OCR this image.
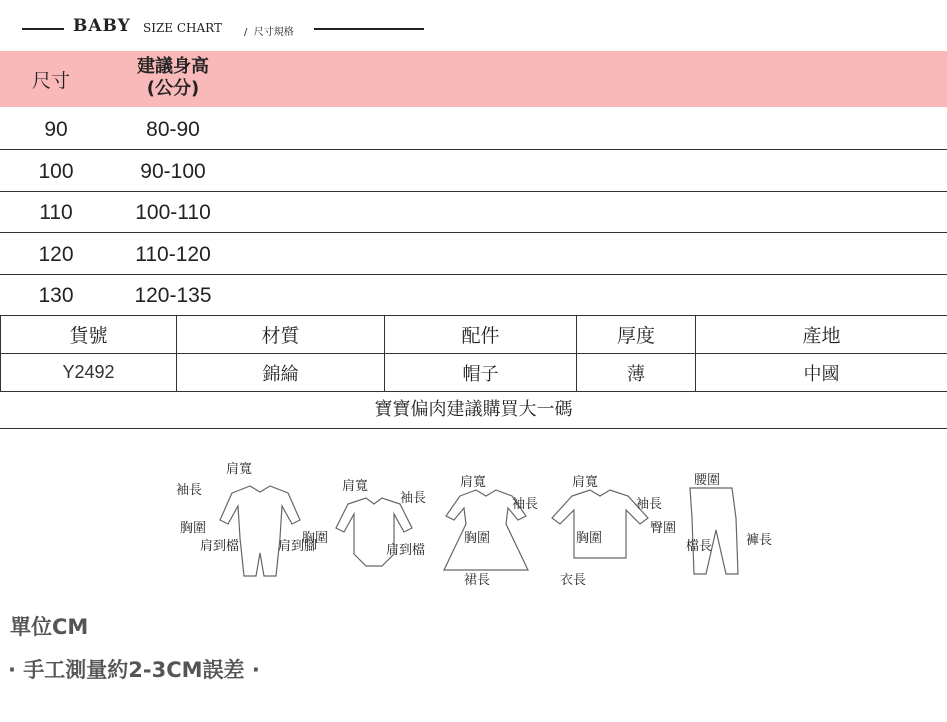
BABY SIZE CHART / 尺寸規格
尺寸
建議身高
(公分)
90	80-90
100	90-100
110	100-110
120	110-120
130	120-135
貨號	材質	配件	厚度	產地
Y2492	錦綸	帽子	薄	中國
寶寶偏肉建議購買大一碼
肩寬
袖長
胸圍
肩到檔	肩到腳
肩寬
袖長
胸圍
肩到檔
肩寬
袖長
胸圍
裙長
肩寬
袖長
胸圍
衣長
腰圍
臀圍
檔長	褲長
單位CM
· 手工測量約2-3CM誤差 ·
